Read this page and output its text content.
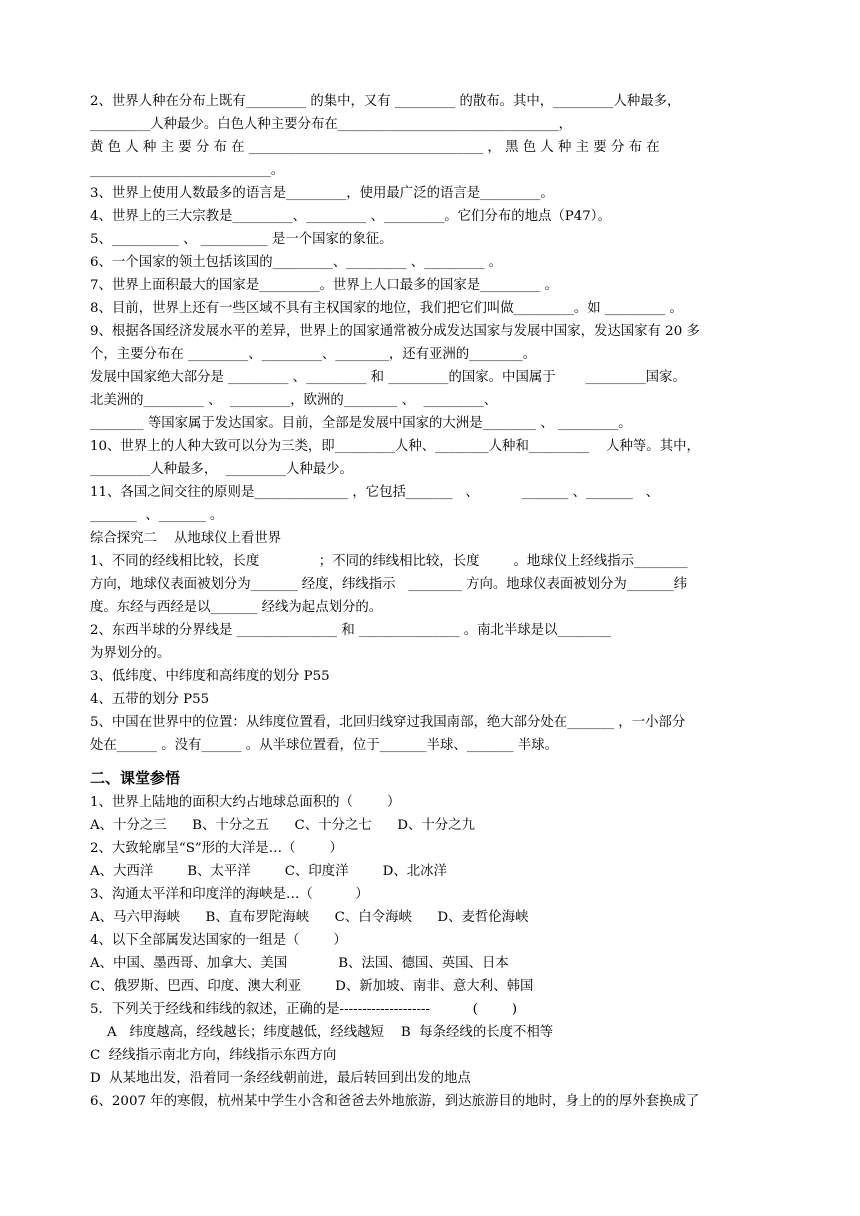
2、世界人种在分布上既有_________ 的集中，又有 _________ 的散布。其中，_________人种最多，
_________人种最少。白色人种主要分布在_________________________________，
黄 色 人 种 主 要 分 布 在 ___________________________________ ， 黑 色 人 种 主 要 分 布 在
___________________________。
3、世界上使用人数最多的语言是_________，使用最广泛的语言是_________。
4、世界上的三大宗教是_________、_________ 、_________。它们分布的地点（P47）。
5、__________ 、 __________ 是一个国家的象征。
6、一个国家的领土包括该国的_________、_________ 、_________ 。
7、世界上面积最大的国家是_________。世界上人口最多的国家是_________ 。
8、目前，世界上还有一些区域不具有主权国家的地位，我们把它们叫做_________。如 _________ 。
9、根据各国经济发展水平的差异，世界上的国家通常被分成发达国家与发展中国家，发达国家有 20 多
个，主要分布在 _________、_________、________，还有亚洲的________。
发展中国家绝大部分是 _________ 、_________ 和 _________的国家。中国属于       _________国家。
北美洲的_________ 、  _________，欧洲的________ 、  _________、
________ 等国家属于发达国家。目前，全部是发展中国家的大洲是________ 、 _________。
10、世界上的人种大致可以分为三类，即_________人种、________人种和_________    人种等。其中，
_________人种最多，  _________人种最少。
11、各国之间交往的原则是______________ ，它包括_______   、          _______ 、_______   、
_______  、_______ 。
综合探究二    从地球仪上看世界
1、不同的经线相比较，长度              ；不同的纬线相比较，长度        。地球仪上经线指示________
方向，地球仪表面被划分为_______ 经度，纬线指示   ________ 方向。地球仪表面被划分为_______纬
度。东经与西经是以_______ 经线为起点划分的。
2、东西半球的分界线是 _______________ 和 _______________ 。南北半球是以________
为界划分的。
3、低纬度、中纬度和高纬度的划分 P55
4、五带的划分 P55
5、中国在世界中的位置：从纬度位置看，北回归线穿过我国南部，绝大部分处在_______ ，一小部分
处在______ 。没有______ 。从半球位置看，位于_______半球、_______ 半球。
二、课堂参悟
1、世界上陆地的面积大约占地球总面积的（        ）
A、十分之三      B、十分之五      C、十分之七      D、十分之九
2、大致轮廓呈“S”形的大洋是…（        ）
A、大西洋        B、太平洋        C、印度洋        D、北冰洋
3、沟通太平洋和印度洋的海峡是…（          ）
A、马六甲海峡      B、直布罗陀海峡      C、白令海峡      D、麦哲伦海峡
4、以下全部属发达国家的一组是（        ）
A、中国、墨西哥、加拿大、美国            B、法国、德国、英国、日本
C、俄罗斯、巴西、印度、澳大利亚        D、新加坡、南非、意大利、韩国
5．下列关于经线和纬线的叙述，正确的是--------------------          (        )
A   纬度越高，经线越长；纬度越低，经线越短    B  每条经线的长度不相等
C  经线指示南北方向，纬线指示东西方向
D  从某地出发，沿着同一条经线朝前进，最后转回到出发的地点
6、2007 年的寒假，杭州某中学生小含和爸爸去外地旅游，到达旅游目的地时，身上的的厚外套换成了
